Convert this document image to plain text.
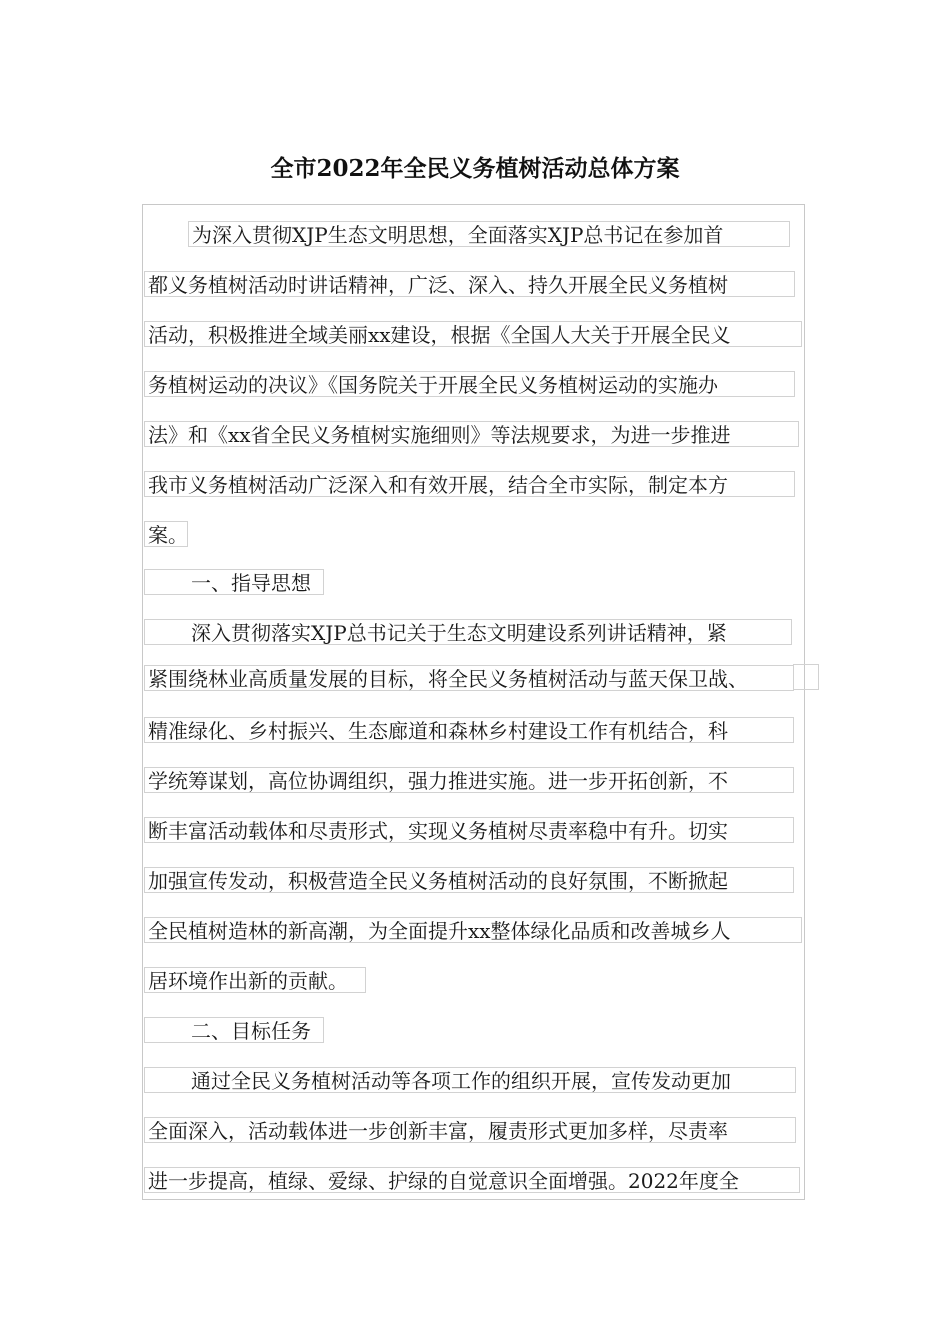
全市2022年全民义务植树活动总体方案
为深入贯彻XJP生态文明思想，全面落实XJP总书记在参加首
都义务植树活动时讲话精神，广泛、深入、持久开展全民义务植树
活动，积极推进全域美丽xx建设，根据《全国人大关于开展全民义
务植树运动的决议》《国务院关于开展全民义务植树运动的实施办
法》和《xx省全民义务植树实施细则》等法规要求，为进一步推进
我市义务植树活动广泛深入和有效开展，结合全市实际，制定本方
案。
一、指导思想
深入贯彻落实XJP总书记关于生态文明建设系列讲话精神，紧
紧围绕林业高质量发展的目标，将全民义务植树活动与蓝天保卫战、
精准绿化、乡村振兴、生态廊道和森林乡村建设工作有机结合，科
学统筹谋划，高位协调组织，强力推进实施。进一步开拓创新，不
断丰富活动载体和尽责形式，实现义务植树尽责率稳中有升。切实
加强宣传发动，积极营造全民义务植树活动的良好氛围，不断掀起
全民植树造林的新高潮，为全面提升xx整体绿化品质和改善城乡人
居环境作出新的贡献。
二、目标任务
通过全民义务植树活动等各项工作的组织开展，宣传发动更加
全面深入，活动载体进一步创新丰富，履责形式更加多样，尽责率
进一步提高，植绿、爱绿、护绿的自觉意识全面增强。2022年度全
